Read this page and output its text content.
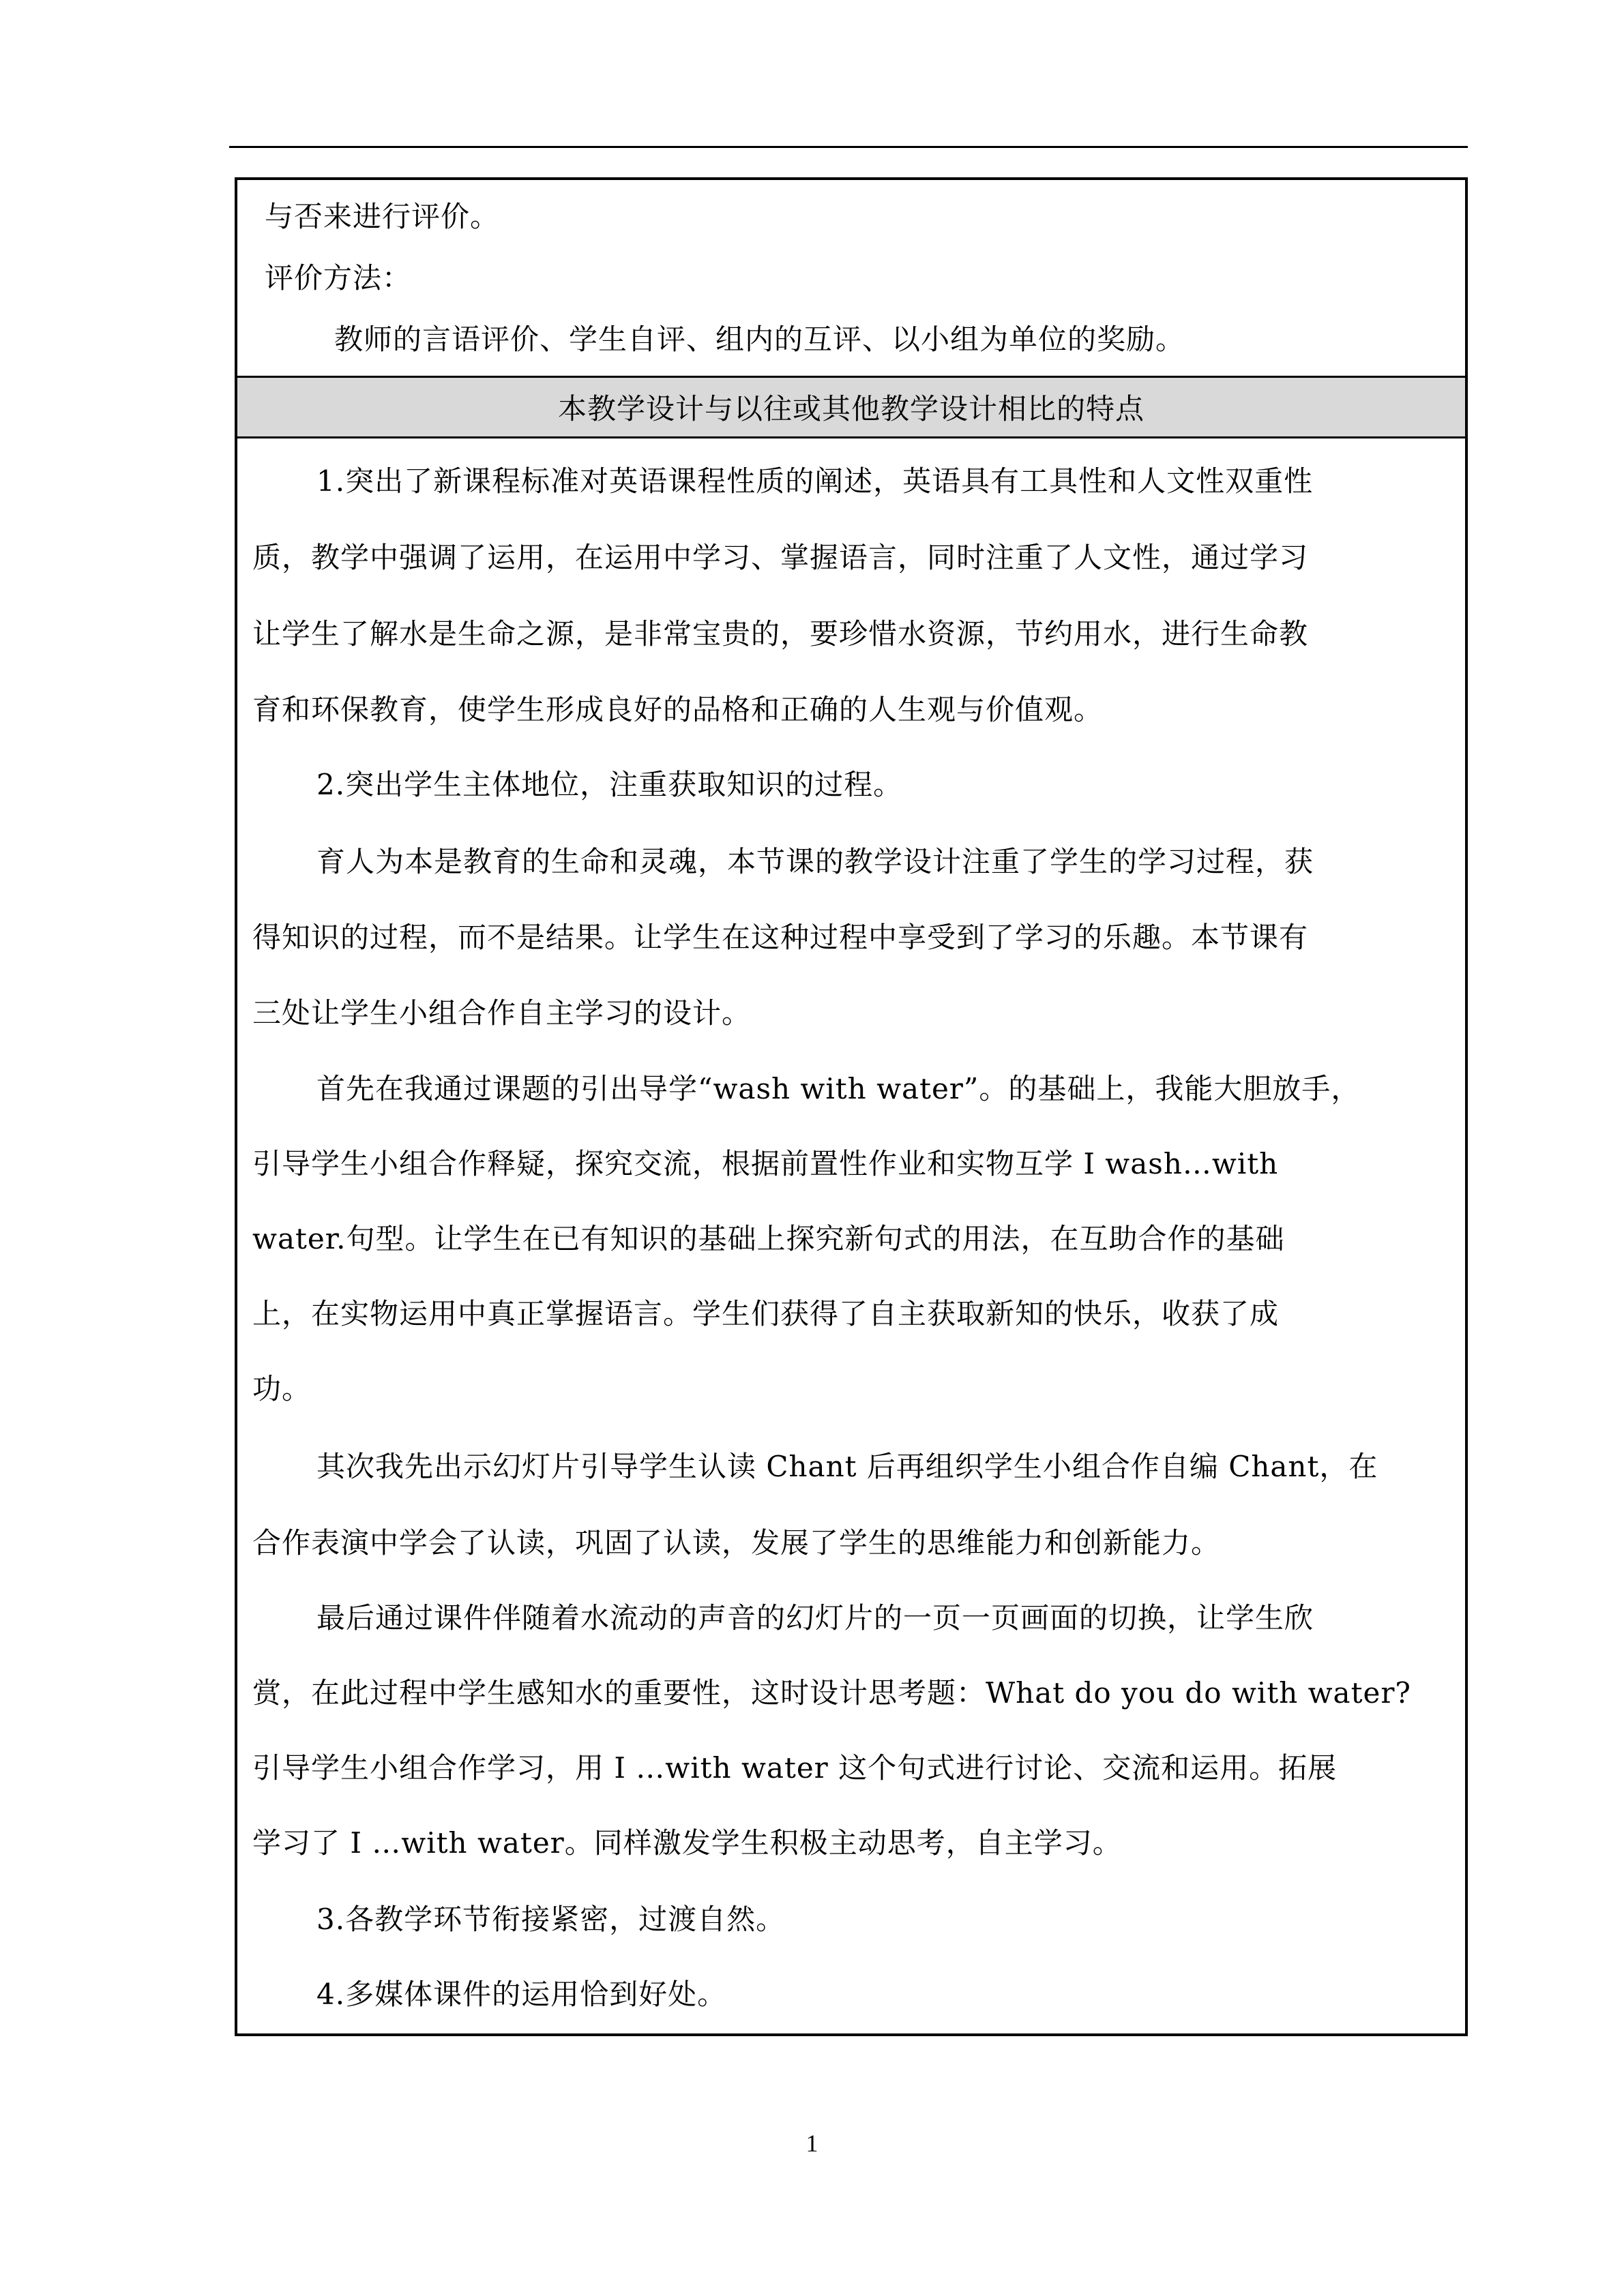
与否来进行评价。
评价方法：
教师的言语评价、学生自评、组内的互评、以小组为单位的奖励。
本教学设计与以往或其他教学设计相比的特点
1.突出了新课程标准对英语课程性质的阐述，英语具有工具性和人文性双重性
质，教学中强调了运用，在运用中学习、掌握语言，同时注重了人文性，通过学习
让学生了解水是生命之源，是非常宝贵的，要珍惜水资源，节约用水，进行生命教
育和环保教育，使学生形成良好的品格和正确的人生观与价值观。
2.突出学生主体地位，注重获取知识的过程。
育人为本是教育的生命和灵魂，本节课的教学设计注重了学生的学习过程，获
得知识的过程，而不是结果。让学生在这种过程中享受到了学习的乐趣。本节课有
三处让学生小组合作自主学习的设计。
首先在我通过课题的引出导学“wash with water”。的基础上，我能大胆放手，
引导学生小组合作释疑，探究交流，根据前置性作业和实物互学 I wash…with
water.句型。让学生在已有知识的基础上探究新句式的用法，在互助合作的基础
上，在实物运用中真正掌握语言。学生们获得了自主获取新知的快乐，收获了成
功。
其次我先出示幻灯片引导学生认读 Chant 后再组织学生小组合作自编 Chant，在
合作表演中学会了认读，巩固了认读，发展了学生的思维能力和创新能力。
最后通过课件伴随着水流动的声音的幻灯片的一页一页画面的切换，让学生欣
赏，在此过程中学生感知水的重要性，这时设计思考题：What do you do with water?
引导学生小组合作学习，用 I …with water 这个句式进行讨论、交流和运用。拓展
学习了 I …with water。同样激发学生积极主动思考，自主学习。
3.各教学环节衔接紧密，过渡自然。
4.多媒体课件的运用恰到好处。
1
